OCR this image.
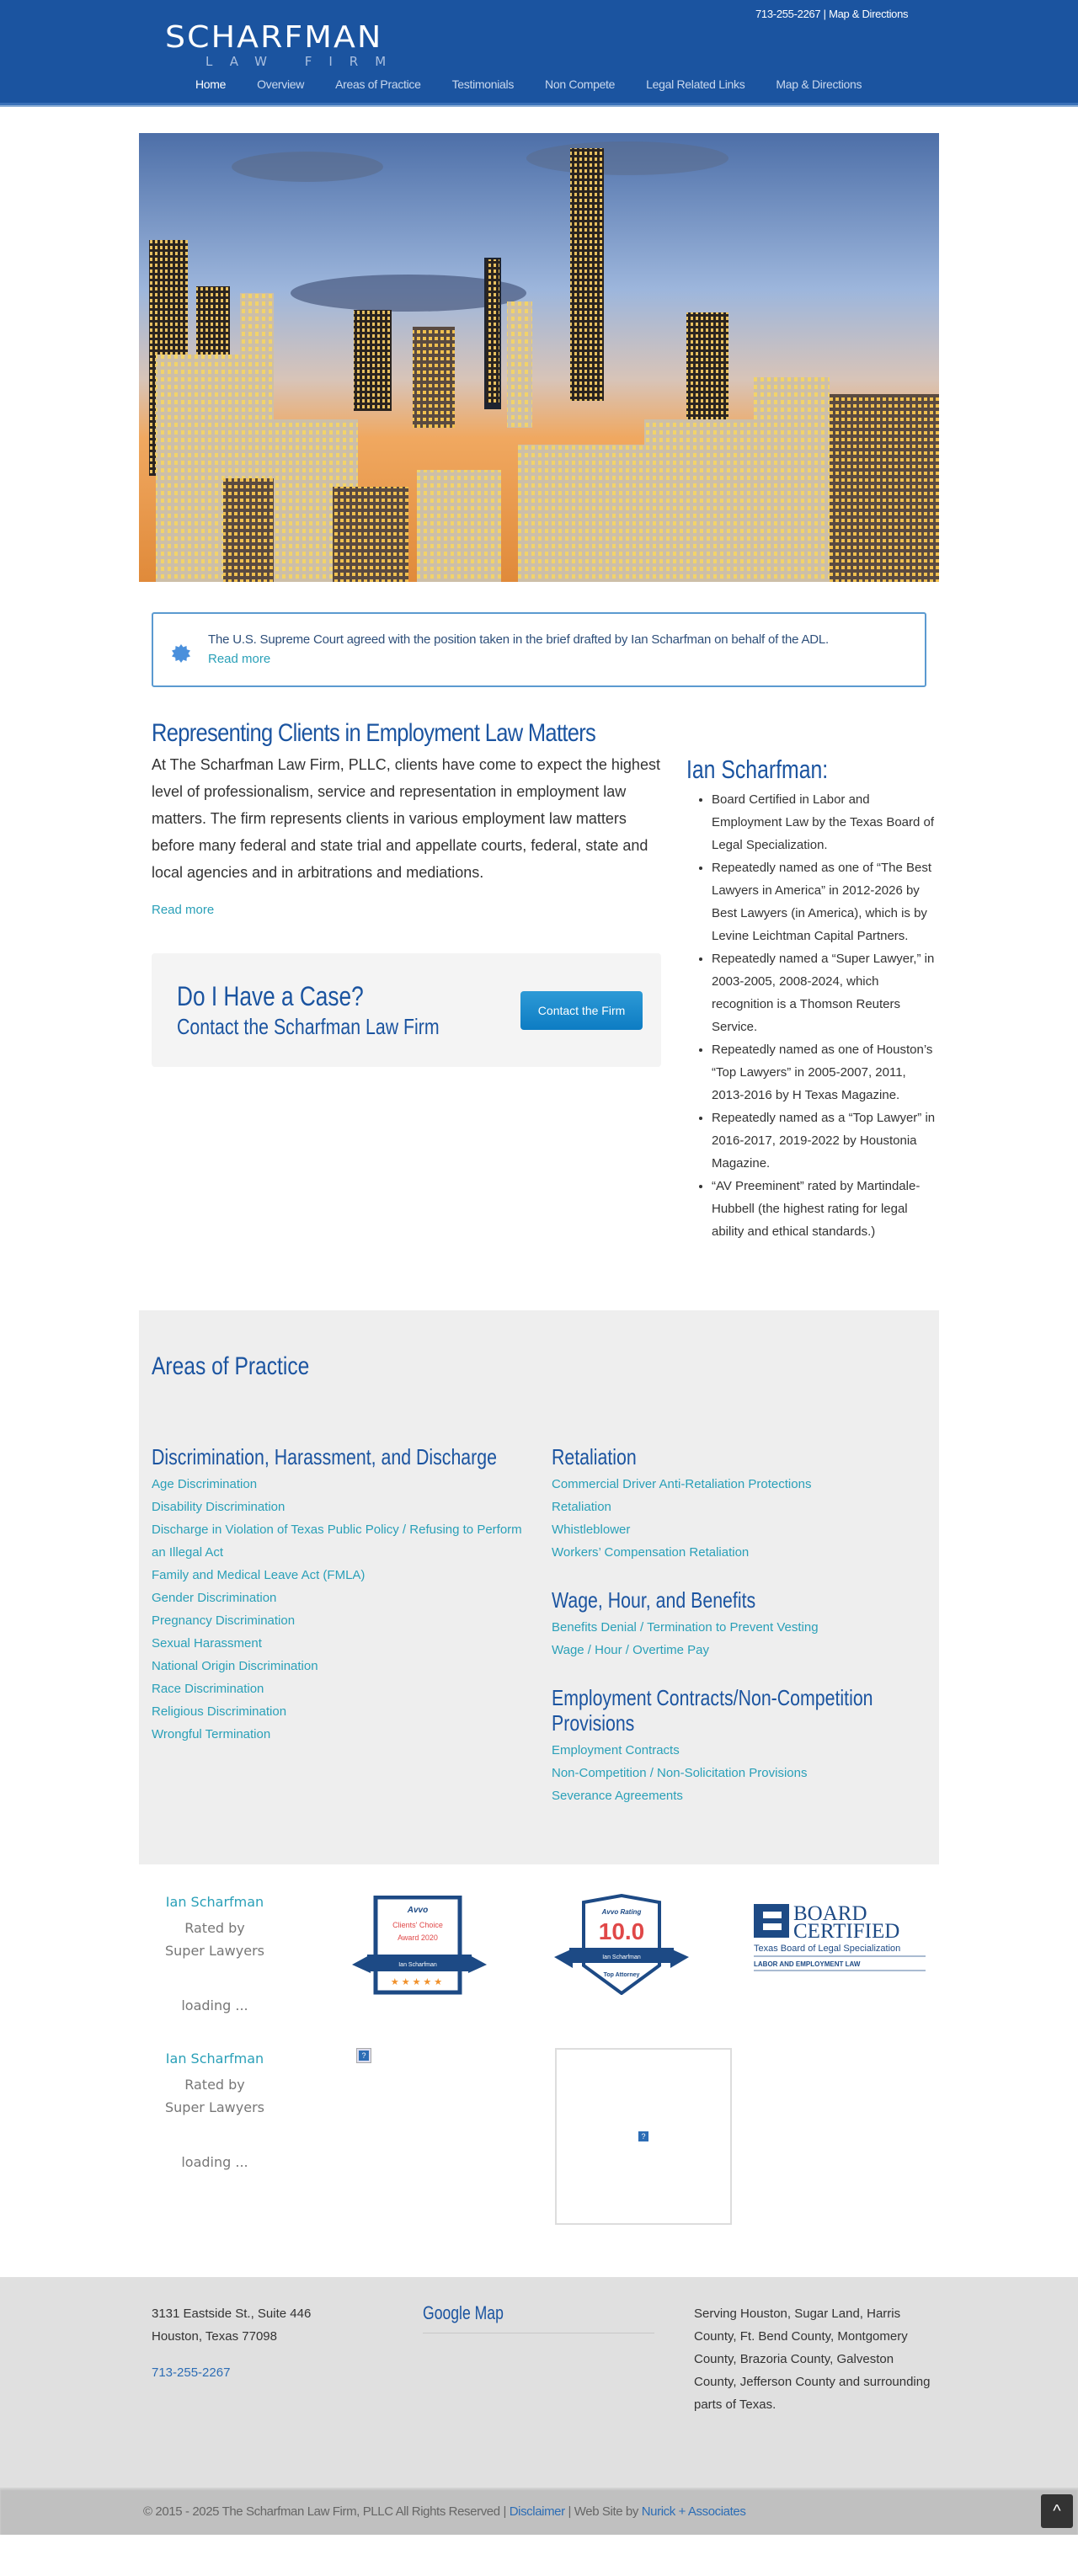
713-255-2267 | Map & Directions
SCHARFMAN
LAW FIRM
Home	Overview	Areas of Practice	Testimonials	Non Compete	Legal Related Links	Map & Directions
The U.S. Supreme Court agreed with the position taken in the brief drafted by Ian Scharfman on behalf of the ADL.
Read more
Representing Clients in Employment Law Matters

At The Scharfman Law Firm, PLLC, clients have come to expect the highest level of professionalism, service and representation in employment law matters. The firm represents clients in various employment law matters before many federal and state trial and appellate courts, federal, state and local agencies and in arbitrations and mediations.

Read more
Do I Have a Case?
Contact the Scharfman Law Firm
Contact the Firm
Ian Scharfman:
• Board Certified in Labor and Employment Law by the Texas Board of Legal Specialization.
• Repeatedly named as one of “The Best Lawyers in America” in 2012-2026 by Best Lawyers (in America), which is by Levine Leichtman Capital Partners.
• Repeatedly named a “Super Lawyer,” in 2003-2005, 2008-2024, which recognition is a Thomson Reuters Service.
• Repeatedly named as one of Houston’s “Top Lawyers” in 2005-2007, 2011, 2013-2016 by H Texas Magazine.
• Repeatedly named as a “Top Lawyer” in 2016-2017, 2019-2022 by Houstonia Magazine.
• “AV Preeminent” rated by Martindale-Hubbell (the highest rating for legal ability and ethical standards.)
Areas of Practice
Discrimination, Harassment, and Discharge
Age Discrimination
Disability Discrimination
Discharge in Violation of Texas Public Policy / Refusing to Perform an Illegal Act
Family and Medical Leave Act (FMLA)
Gender Discrimination
Pregnancy Discrimination
Sexual Harassment
National Origin Discrimination
Race Discrimination
Religious Discrimination
Wrongful Termination
Retaliation
Commercial Driver Anti-Retaliation Protections
Retaliation
Whistleblower
Workers’ Compensation Retaliation
Wage, Hour, and Benefits
Benefits Denial / Termination to Prevent Vesting
Wage / Hour / Overtime Pay
Employment Contracts/Non-Competition Provisions
Employment Contracts
Non-Competition / Non-Solicitation Provisions
Severance Agreements
Ian Scharfman
Rated by Super Lawyers
loading ...
Avvo
Clients' Choice
Award 2020
Ian Scharfman
★★★★★
Avvo Rating
10.0
Ian Scharfman
Top Attorney
BOARD
CERTIFIED
Texas Board of Legal Specialization
LABOR AND EMPLOYMENT LAW
Ian Scharfman
Rated by Super Lawyers
loading ...
?
?
3131 Eastside St., Suite 446
Houston, Texas 77098
713-255-2267
Google Map	Serving Houston, Sugar Land, Harris County, Ft. Bend County, Montgomery County, Brazoria County, Galveston County, Jefferson County and surrounding parts of Texas.
© 2015 - 2025 The Scharfman Law Firm, PLLC All Rights Reserved | Disclaimer | Web Site by Nurick + Associates	^
